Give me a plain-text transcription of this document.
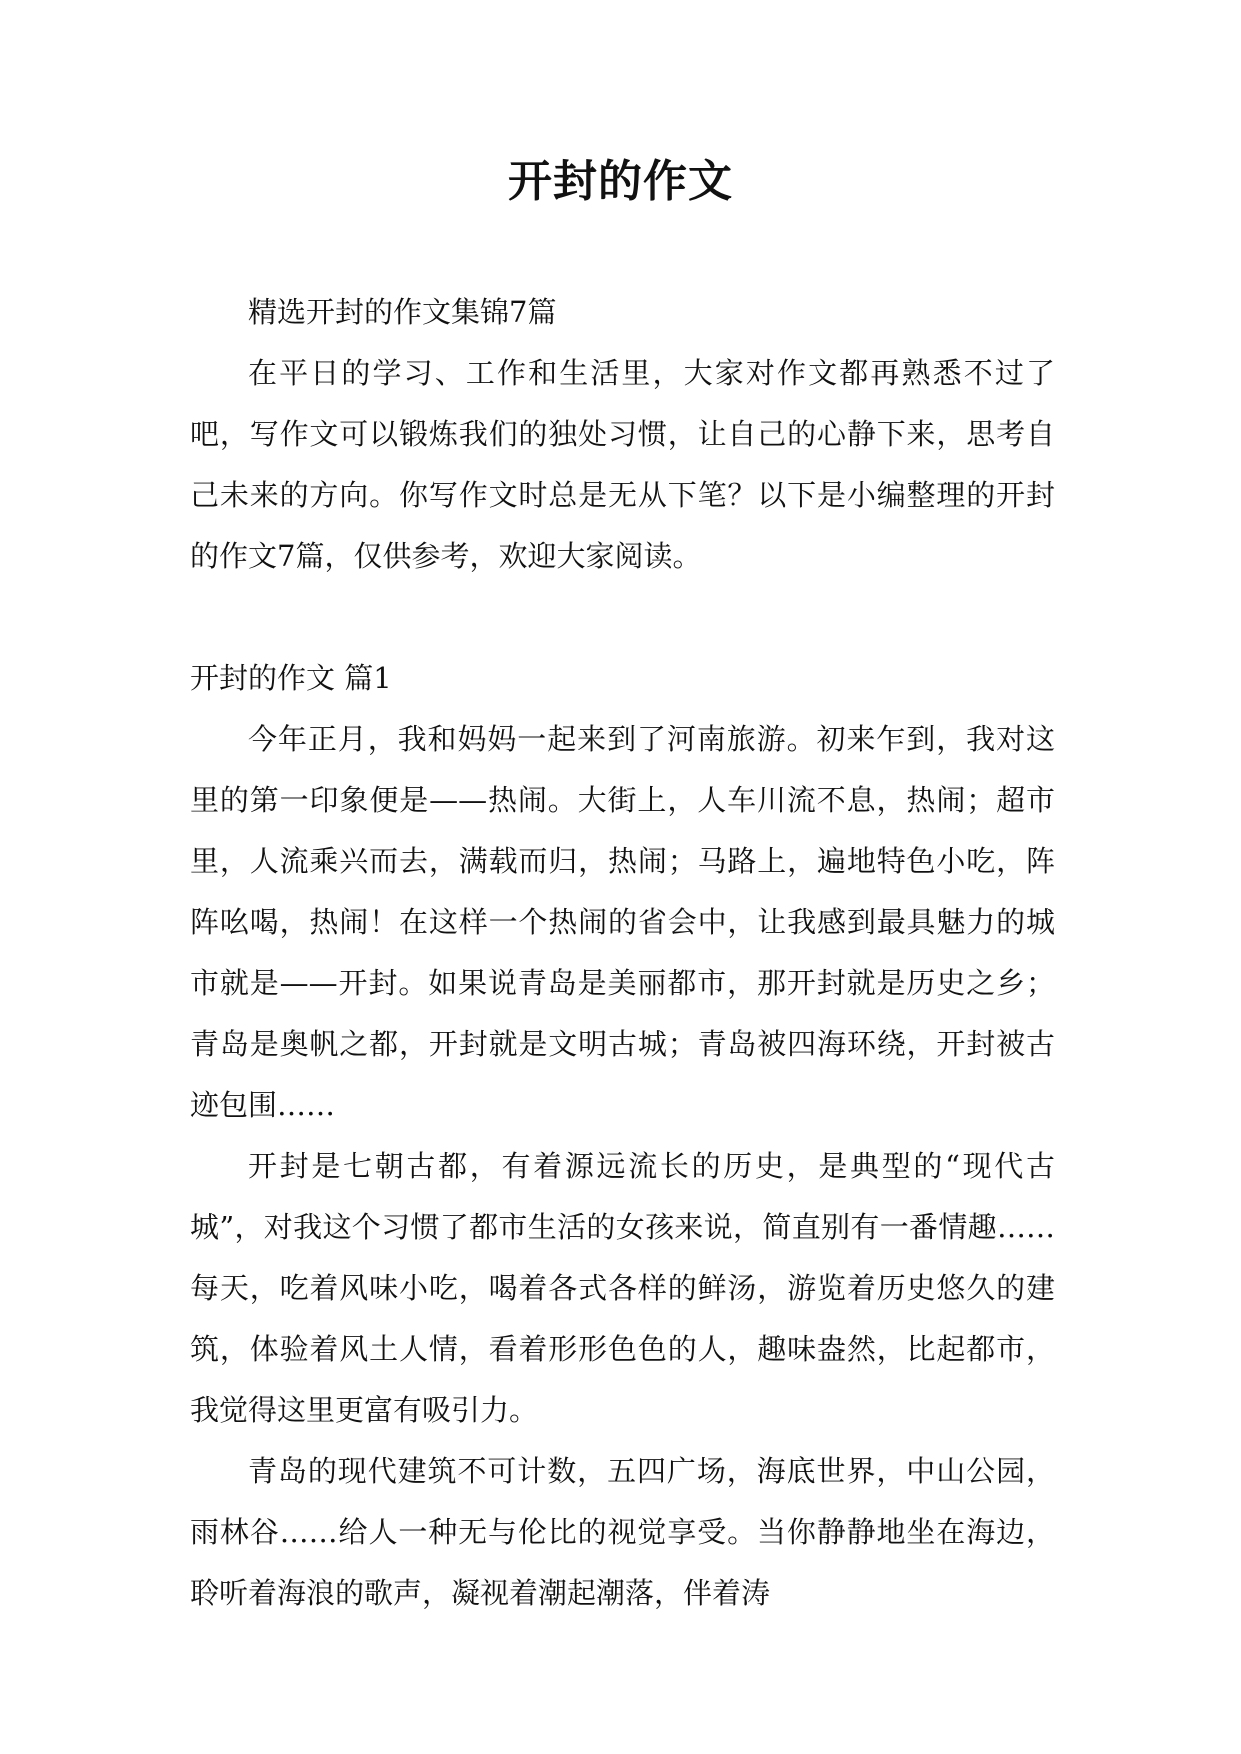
开封的作文

精选开封的作文集锦7篇

在平日的学习、工作和生活里，大家对作文都再熟悉不过了吧，写作文可以锻炼我们的独处习惯，让自己的心静下来，思考自己未来的方向。你写作文时总是无从下笔？以下是小编整理的开封的作文7篇，仅供参考，欢迎大家阅读。

开封的作文 篇1

今年正月，我和妈妈一起来到了河南旅游。初来乍到，我对这里的第一印象便是——热闹。大街上，人车川流不息，热闹；超市里，人流乘兴而去，满载而归，热闹；马路上，遍地特色小吃，阵阵吆喝，热闹！在这样一个热闹的省会中，让我感到最具魅力的城市就是——开封。如果说青岛是美丽都市，那开封就是历史之乡；青岛是奥帆之都，开封就是文明古城；青岛被四海环绕，开封被古迹包围……

开封是七朝古都，有着源远流长的历史，是典型的“现代古城”，对我这个习惯了都市生活的女孩来说，简直别有一番情趣……每天，吃着风味小吃，喝着各式各样的鲜汤，游览着历史悠久的建筑，体验着风土人情，看着形形色色的人，趣味盎然，比起都市，我觉得这里更富有吸引力。

青岛的现代建筑不可计数，五四广场，海底世界，中山公园，雨林谷……给人一种无与伦比的视觉享受。当你静静地坐在海边，聆听着海浪的歌声，凝视着潮起潮落，伴着涛
